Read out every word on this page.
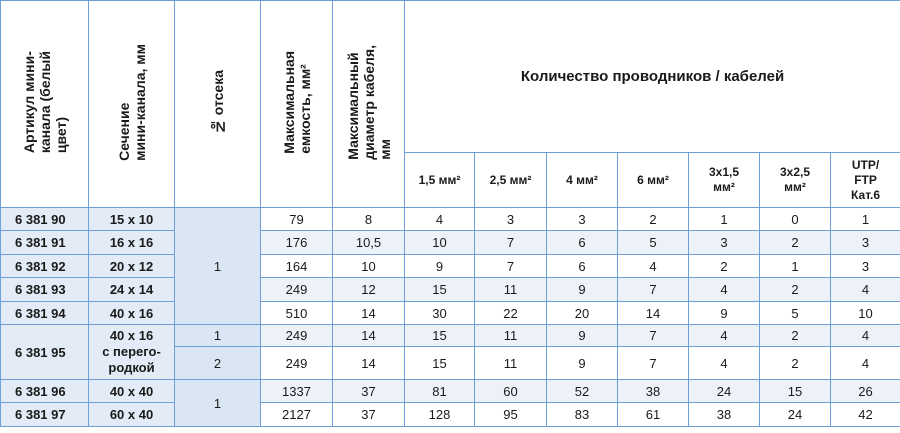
Артикул мини-
канала (белый
цвет)	Сечение
мини-канала, мм	№ отсека	Максимальная
емкость, мм²	Максимальный
диаметр кабеля,
мм	Количество проводников / кабелей						
					1,5 мм²	2,5 мм²	4 мм²	6 мм²	3х1,5
мм²	3х2,5
мм²	UTP/
FTP
Кат.6
6 381 90	15 х 10	1	79	8	4	3	3	2	1	0	1
6 381 91	16 х 16		176	10,5	10	7	6	5	3	2	3
6 381 92	20 х 12		164	10	9	7	6	4	2	1	3
6 381 93	24 х 14		249	12	15	11	9	7	4	2	4
6 381 94	40 х 16		510	14	30	22	20	14	9	5	10
6 381 95	40 х 16
с перего-
родкой	1	249	14	15	11	9	7	4	2	4
		2	249	14	15	11	9	7	4	2	4
6 381 96	40 х 40	1	1337	37	81	60	52	38	24	15	26
6 381 97	60 х 40		2127	37	128	95	83	61	38	24	42
